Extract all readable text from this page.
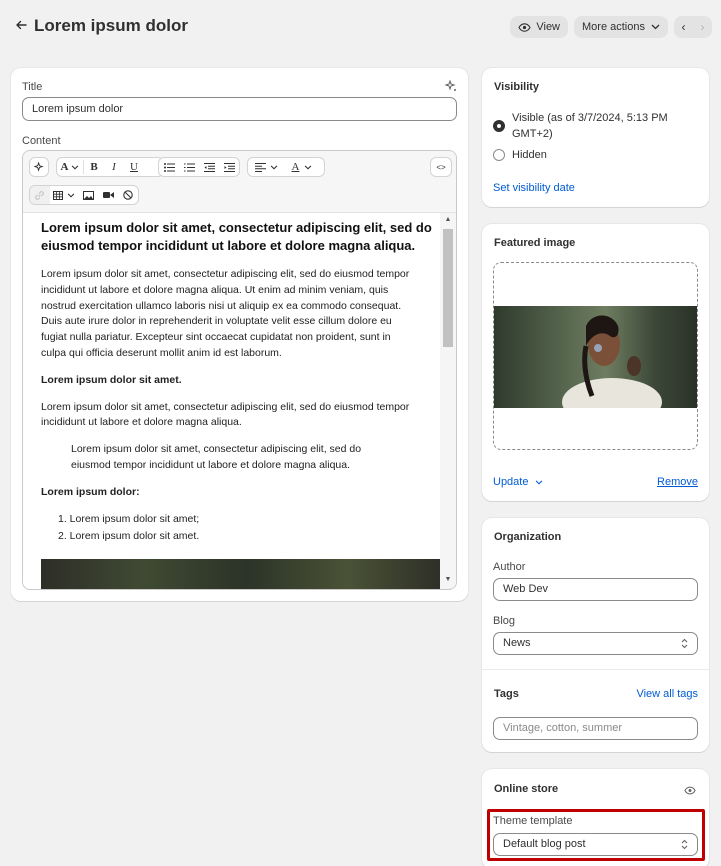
Lorem ipsum dolor	View More actions	‹	›
Title
Lorem ipsum dolor
Content
A	B	I	U	A	<>
Lorem ipsum dolor sit amet, consectetur adipiscing elit, sed do eiusmod tempor incididunt ut labore et dolore magna aliqua.

Lorem ipsum dolor sit amet, consectetur adipiscing elit, sed do eiusmod tempor

incididunt ut labore et dolore magna aliqua. Ut enim ad minim veniam, quis

nostrud exercitation ullamco laboris nisi ut aliquip ex ea commodo consequat.

Duis aute irure dolor in reprehenderit in voluptate velit esse cillum dolore eu

fugiat nulla pariatur. Excepteur sint occaecat cupidatat non proident, sunt in

culpa qui officia deserunt mollit anim id est laborum.

Lorem ipsum dolor sit amet.

Lorem ipsum dolor sit amet, consectetur adipiscing elit, sed do eiusmod tempor

incididunt ut labore et dolore magna aliqua.

Lorem ipsum dolor sit amet, consectetur adipiscing elit, sed do

eiusmod tempor incididunt ut labore et dolore magna aliqua.

Lorem ipsum dolor:

1. Lorem ipsum dolor sit amet;
2. Lorem ipsum dolor sit amet.
▲
▼
Visibility
Visible (as of 3/7/2024, 5:13 PM
GMT+2)
Hidden
Set visibility date
Featured image
Update	Remove
Organization
Author
Web Dev
Blog
News
Tags	View all tags
Vintage, cotton, summer
Online store
Theme template
Default blog post
